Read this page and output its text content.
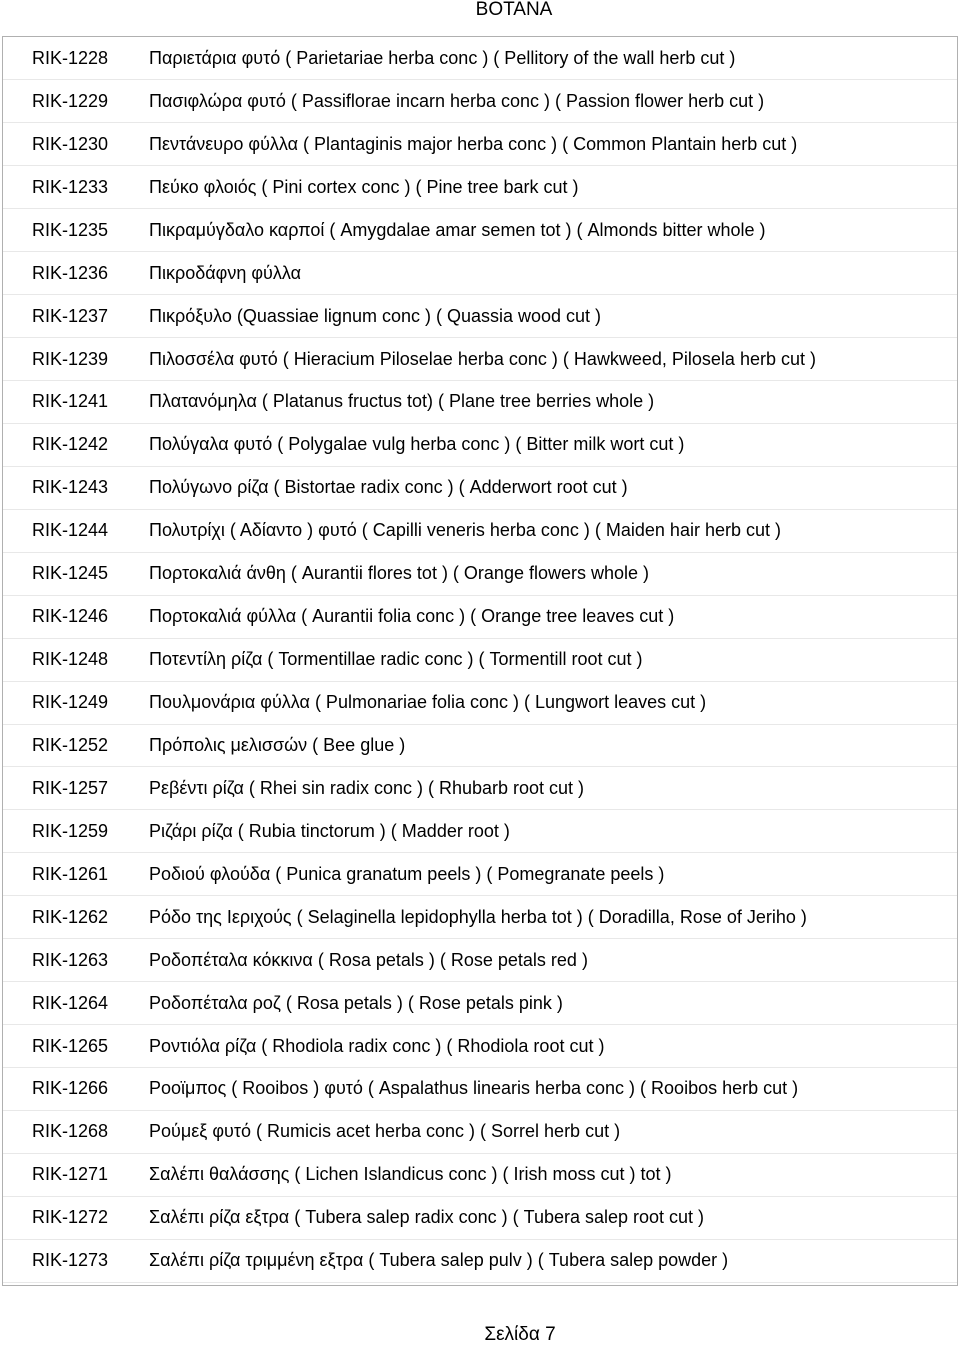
ΒΟΤΑΝΑ
RIK-1228	Παριετάρια φυτό ( Parietariae herba conc ) ( Pellitory of the wall herb cut )
RIK-1229	Πασιφλώρα φυτό ( Passiflorae incarn herba conc ) ( Passion flower herb cut )
RIK-1230	Πεντάνευρο φύλλα ( Plantaginis major herba conc ) ( Common Plantain herb cut )
RIK-1233	Πεύκο φλοιός ( Pini cortex conc ) ( Pine tree bark cut )
RIK-1235	Πικραμύγδαλο καρποί ( Amygdalae amar semen tot ) ( Almonds bitter whole )
RIK-1236	Πικροδάφνη φύλλα
RIK-1237	Πικρόξυλο (Quassiae lignum conc ) ( Quassia wood cut )
RIK-1239	Πιλοσσέλα φυτό ( Hieracium Piloselae herba conc ) ( Hawkweed, Pilosela herb cut )
RIK-1241	Πλατανόμηλα ( Platanus fructus tot) ( Plane tree berries whole )
RIK-1242	Πολύγαλα φυτό ( Polygalae vulg herba conc ) ( Bitter milk wort cut )
RIK-1243	Πολύγωνο ρίζα ( Bistortae radix conc ) ( Adderwort root cut )
RIK-1244	Πολυτρίχι ( Αδίαντο ) φυτό ( Capilli veneris herba conc ) ( Maiden hair herb cut )
RIK-1245	Πορτοκαλιά άνθη ( Aurantii flores tot ) ( Orange flowers whole )
RIK-1246	Πορτοκαλιά φύλλα ( Aurantii folia conc ) ( Orange tree leaves cut )
RIK-1248	Ποτεντίλη ρίζα ( Tormentillae radic conc ) ( Tormentill root cut )
RIK-1249	Πουλμονάρια φύλλα ( Pulmonariae folia conc ) ( Lungwort leaves cut )
RIK-1252	Πρόπολις μελισσών ( Bee glue )
RIK-1257	Ρεβέντι ρίζα ( Rhei sin radix conc ) ( Rhubarb root cut )
RIK-1259	Ριζάρι ρίζα ( Rubia tinctorum ) ( Madder root )
RIK-1261	Ροδιού φλούδα ( Punica granatum peels ) ( Pomegranate peels )
RIK-1262	Ρόδο της Ιεριχούς ( Selaginella lepidophylla herba tot ) ( Doradilla, Rose of Jeriho )
RIK-1263	Ροδοπέταλα κόκκινα ( Rosa petals ) ( Rose petals red )
RIK-1264	Ροδοπέταλα ροζ ( Rosa petals ) ( Rose petals pink )
RIK-1265	Ροντιόλα ρίζα ( Rhodiola radix conc ) ( Rhodiola root cut )
RIK-1266	Ροοϊμπος ( Rooibos ) φυτό ( Aspalathus linearis herba conc ) ( Rooibos herb cut )
RIK-1268	Ρούμεξ φυτό ( Rumicis acet herba conc ) ( Sorrel herb cut )
RIK-1271	Σαλέπι θαλάσσης ( Lichen Islandicus conc ) ( Irish moss cut ) tot )
RIK-1272	Σαλέπι ρίζα εξτρα ( Tubera salep radix conc ) ( Tubera salep root cut )
RIK-1273	Σαλέπι ρίζα τριμμένη εξτρα ( Tubera salep pulv ) ( Tubera salep powder )
Σελίδα 7
